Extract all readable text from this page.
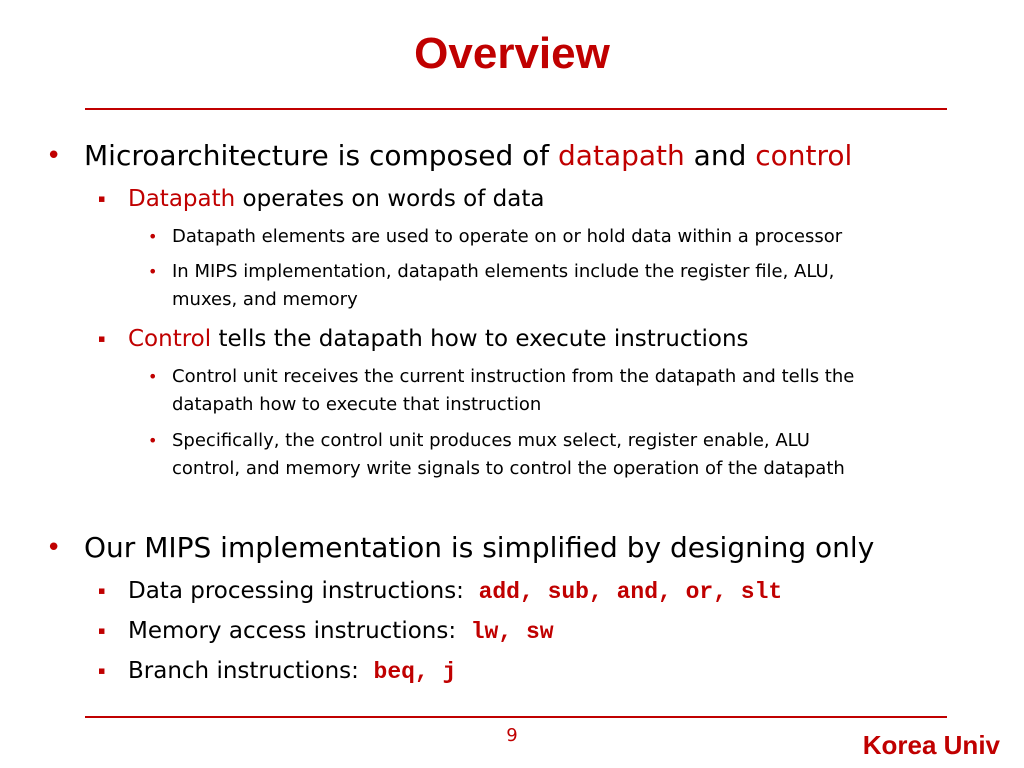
Overview
• Microarchitecture is composed of datapath and control

▪ Datapath operates on words of data

• Datapath elements are used to operate on or hold data within a processor

• In MIPS implementation, datapath elements include the register file, ALU,

muxes, and memory

▪ Control tells the datapath how to execute instructions

• Control unit receives the current instruction from the datapath and tells the

datapath how to execute that instruction

• Specifically, the control unit produces mux select, register enable, ALU

control, and memory write signals to control the operation of the datapath

• Our MIPS implementation is simplified by designing only

▪ Data processing instructions: add, sub, and, or, slt

▪ Memory access instructions: lw, sw

▪ Branch instructions: beq, j

9	Korea Univ
